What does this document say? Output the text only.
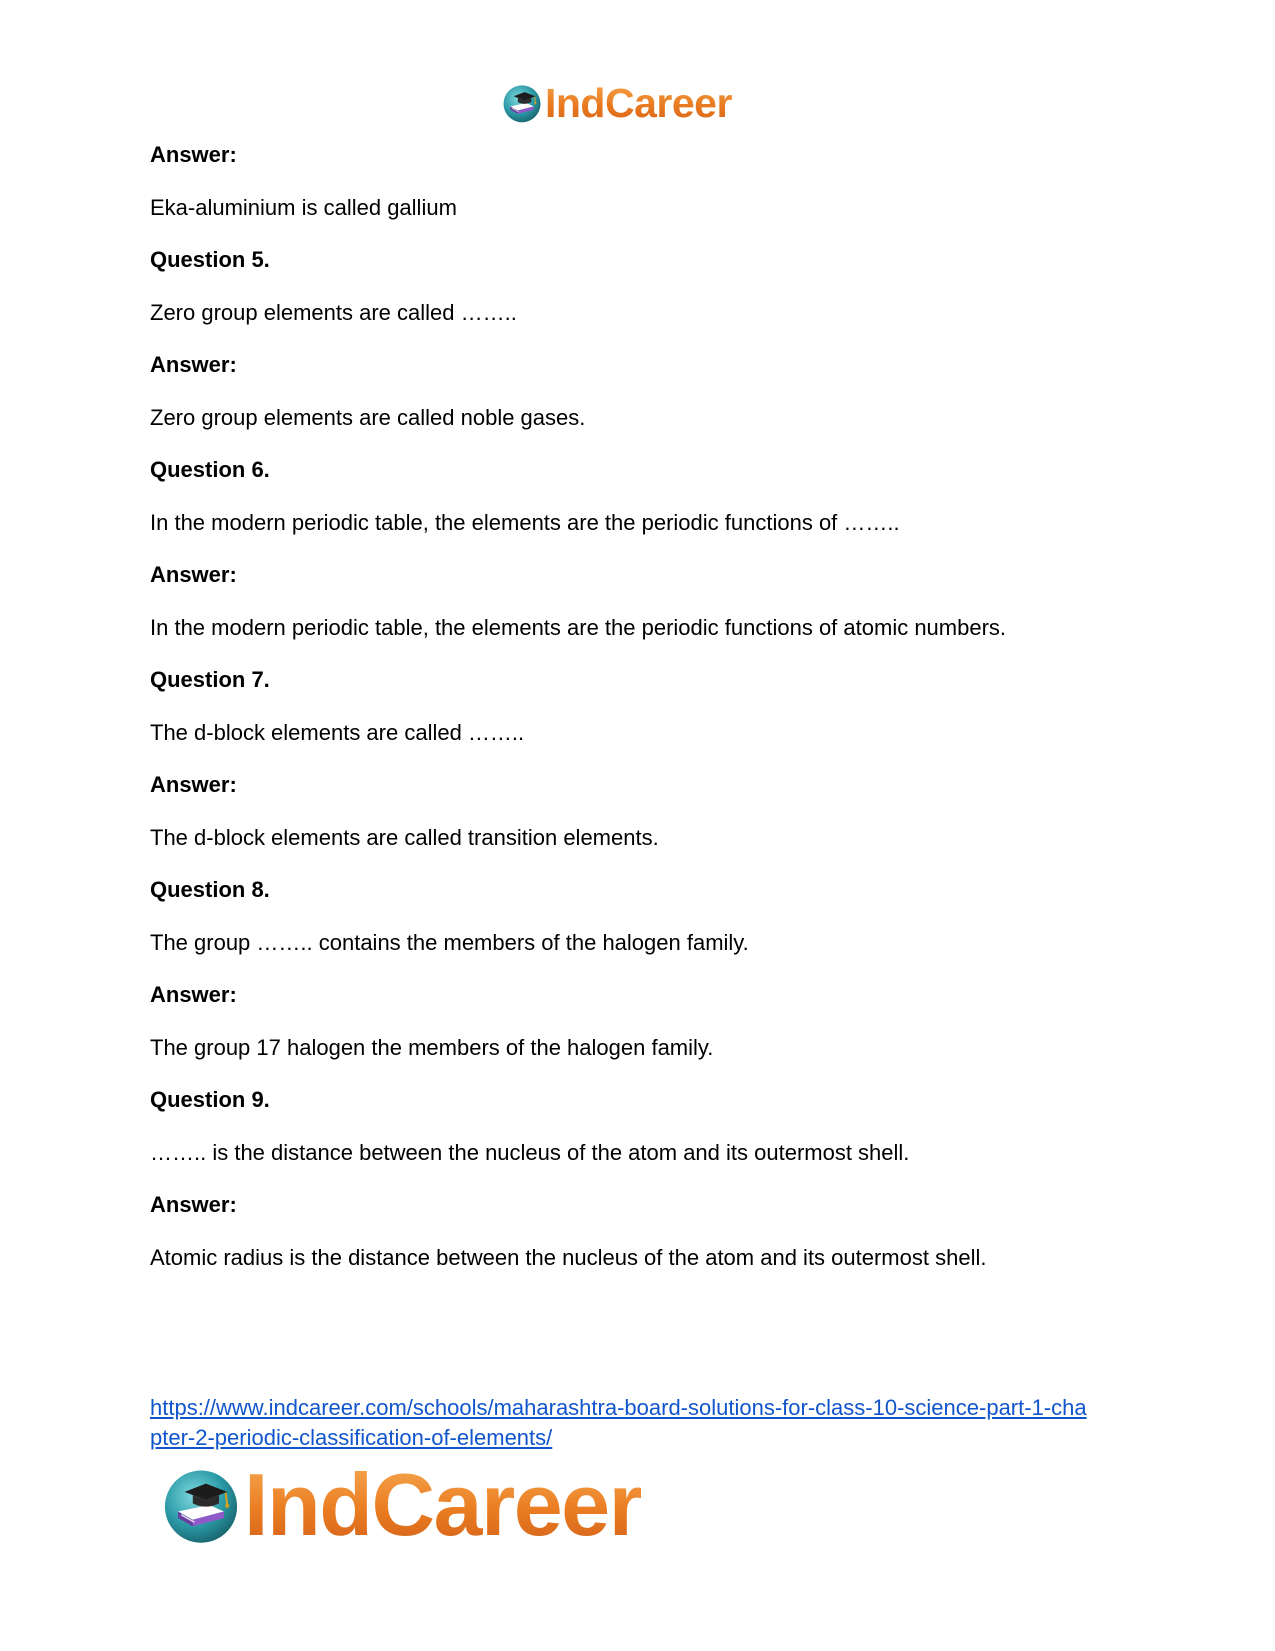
IndCareer
Answer:
Eka-aluminium is called gallium
Question 5.
Zero group elements are called ……..
Answer:
Zero group elements are called noble gases.
Question 6.
In the modern periodic table, the elements are the periodic functions of ……..
Answer:
In the modern periodic table, the elements are the periodic functions of atomic numbers.
Question 7.
The d-block elements are called ……..
Answer:
The d-block elements are called transition elements.
Question 8.
The group …….. contains the members of the halogen family.
Answer:
The group 17 halogen the members of the halogen family.
Question 9.
…….. is the distance between the nucleus of the atom and its outermost shell.
Answer:
Atomic radius is the distance between the nucleus of the atom and its outermost shell.
https://www.indcareer.com/schools/maharashtra-board-solutions-for-class-10-science-part-1-cha
pter-2-periodic-classification-of-elements/
IndCareer
